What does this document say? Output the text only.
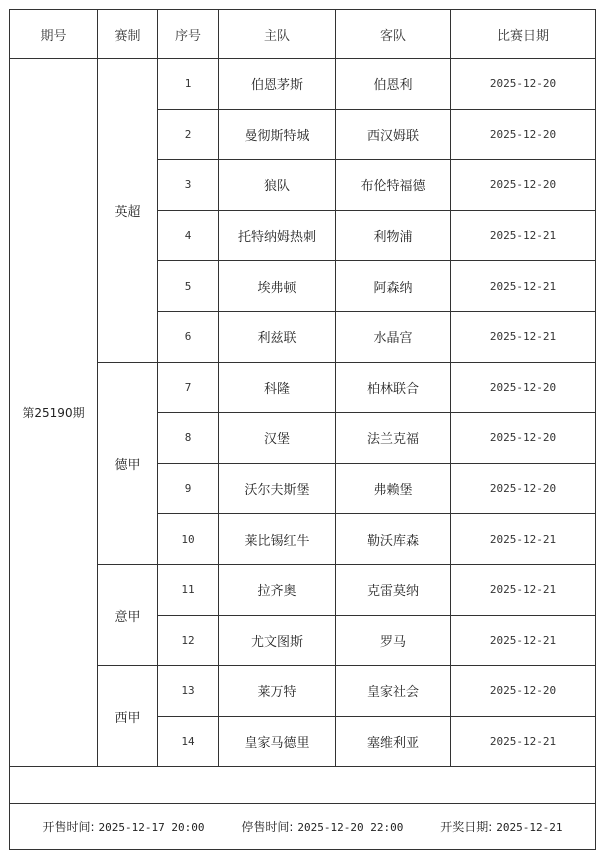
期号	赛制	序号	主队	客队	比赛日期
第25190期	英超	1	伯恩茅斯	伯恩利	2025-12-20
		2	曼彻斯特城	西汉姆联	2025-12-20
		3	狼队	布伦特福德	2025-12-20
		4	托特纳姆热刺	利物浦	2025-12-21
		5	埃弗顿	阿森纳	2025-12-21
		6	利兹联	水晶宫	2025-12-21
	德甲	7	科隆	柏林联合	2025-12-20
		8	汉堡	法兰克福	2025-12-20
		9	沃尔夫斯堡	弗赖堡	2025-12-20
		10	莱比锡红牛	勒沃库森	2025-12-21
	意甲	11	拉齐奥	克雷莫纳	2025-12-21
		12	尤文图斯	罗马	2025-12-21
	西甲	13	莱万特	皇家社会	2025-12-20
		14	皇家马德里	塞维利亚	2025-12-21

开售时间: 2025-12-17 20:00 停售时间: 2025-12-20 22:00 开奖日期: 2025-12-21					
